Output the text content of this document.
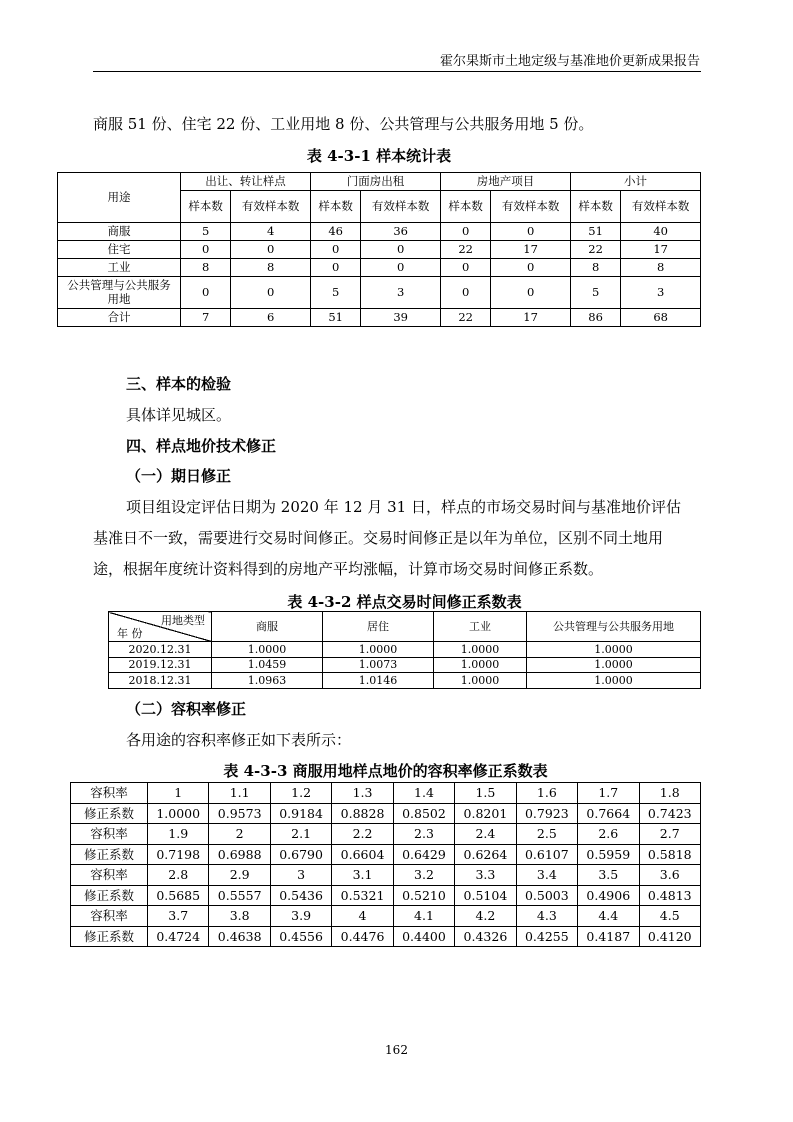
霍尔果斯市土地定级与基准地价更新成果报告
商服 51 份、住宅 22 份、工业用地 8 份、公共管理与公共服务用地 5 份。
表 4-3-1 样本统计表
用途	出让、转让样点		门面房出租		房地产项目		小计	
	样本数	有效样本数	样本数	有效样本数	样本数	有效样本数	样本数	有效样本数
商服	5	4	46	36	0	0	51	40
住宅	0	0	0	0	22	17	22	17
工业	8	8	0	0	0	0	8	8
公共管理与公共服务用地	0	0	5	3	0	0	5	3
合计	7	6	51	39	22	17	86	68
三、样本的检验
具体详见城区。
四、样点地价技术修正
（一）期日修正
项目组设定评估日期为 2020 年 12 月 31 日，样点的市场交易时间与基准地价评估
基准日不一致，需要进行交易时间修正。交易时间修正是以年为单位，区别不同土地用
途，根据年度统计资料得到的房地产平均涨幅，计算市场交易时间修正系数。
表 4-3-2 样点交易时间修正系数表
用地类型
年 份	商服	居住	工业	公共管理与公共服务用地
2020.12.31	1.0000	1.0000	1.0000	1.0000
2019.12.31	1.0459	1.0073	1.0000	1.0000
2018.12.31	1.0963	1.0146	1.0000	1.0000
（二）容积率修正
各用途的容积率修正如下表所示：
表 4-3-3 商服用地样点地价的容积率修正系数表
容积率	1	1.1	1.2	1.3	1.4	1.5	1.6	1.7	1.8
修正系数	1.0000	0.9573	0.9184	0.8828	0.8502	0.8201	0.7923	0.7664	0.7423
容积率	1.9	2	2.1	2.2	2.3	2.4	2.5	2.6	2.7
修正系数	0.7198	0.6988	0.6790	0.6604	0.6429	0.6264	0.6107	0.5959	0.5818
容积率	2.8	2.9	3	3.1	3.2	3.3	3.4	3.5	3.6
修正系数	0.5685	0.5557	0.5436	0.5321	0.5210	0.5104	0.5003	0.4906	0.4813
容积率	3.7	3.8	3.9	4	4.1	4.2	4.3	4.4	4.5
修正系数	0.4724	0.4638	0.4556	0.4476	0.4400	0.4326	0.4255	0.4187	0.4120
162
